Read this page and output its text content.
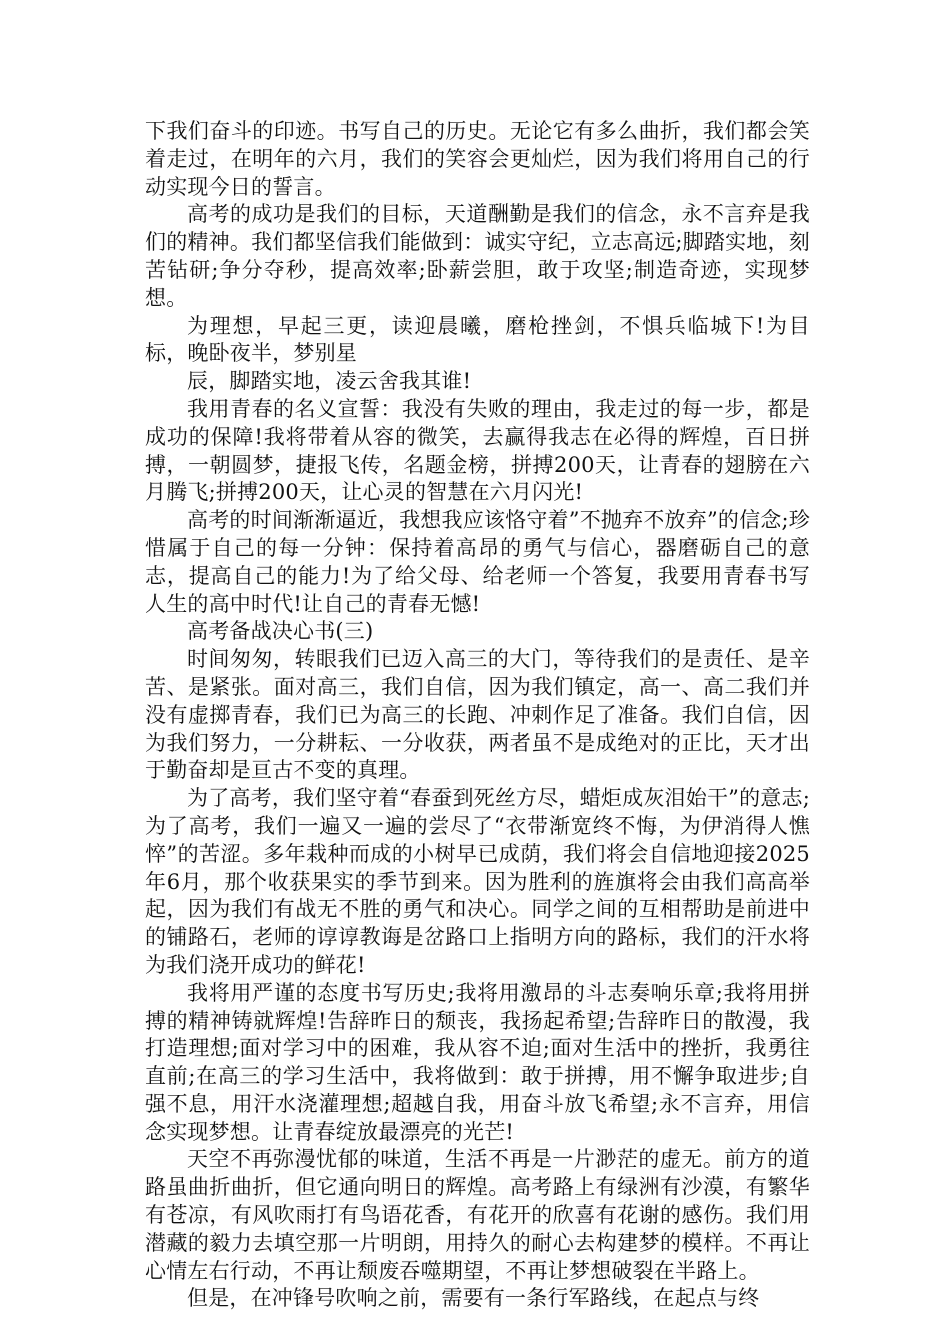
下我们奋斗的印迹。书写自己的历史。无论它有多么曲折，我们都会笑着走过，在明年的六月，我们的笑容会更灿烂，因为我们将用自己的行动实现今日的誓言。

高考的成功是我们的目标，天道酬勤是我们的信念，永不言弃是我们的精神。我们都坚信我们能做到：诚实守纪，立志高远;脚踏实地，刻苦钻研;争分夺秒，提高效率;卧薪尝胆，敢于攻坚;制造奇迹，实现梦想。

为理想，早起三更，读迎晨曦，磨枪挫剑，不惧兵临城下!为目标，晚卧夜半，梦别星

辰，脚踏实地，凌云舍我其谁!

我用青春的名义宣誓：我没有失败的理由，我走过的每一步，都是成功的保障!我将带着从容的微笑，去赢得我志在必得的辉煌，百日拼搏，一朝圆梦，捷报飞传，名题金榜，拼搏200天，让青春的翅膀在六月腾飞;拼搏200天，让心灵的智慧在六月闪光!

高考的时间渐渐逼近，我想我应该恪守着”不抛弃不放弃”的信念;珍惜属于自己的每一分钟：保持着高昂的勇气与信心，器磨砺自己的意志，提高自己的能力!为了给父母、给老师一个答复，我要用青春书写人生的高中时代!让自己的青春无憾!

高考备战决心书(三)

时间匆匆，转眼我们已迈入高三的大门，等待我们的是责任、是辛苦、是紧张。面对高三，我们自信，因为我们镇定，高一、高二我们并没有虚掷青春，我们已为高三的长跑、冲刺作足了准备。我们自信，因为我们努力，一分耕耘、一分收获，两者虽不是成绝对的正比，天才出于勤奋却是亘古不变的真理。

为了高考，我们坚守着“春蚕到死丝方尽，蜡炬成灰泪始干”的意志;为了高考，我们一遍又一遍的尝尽了“衣带渐宽终不悔，为伊消得人憔悴”的苦涩。多年栽种而成的小树早已成荫，我们将会自信地迎接2025年6月，那个收获果实的季节到来。因为胜利的旌旗将会由我们高高举起，因为我们有战无不胜的勇气和决心。同学之间的互相帮助是前进中的铺路石，老师的谆谆教诲是岔路口上指明方向的路标，我们的汗水将为我们浇开成功的鲜花!

我将用严谨的态度书写历史;我将用激昂的斗志奏响乐章;我将用拼搏的精神铸就辉煌!告辞昨日的颓丧，我扬起希望;告辞昨日的散漫，我打造理想;面对学习中的困难，我从容不迫;面对生活中的挫折，我勇往直前;在高三的学习生活中，我将做到：敢于拼搏，用不懈争取进步;自强不息，用汗水浇灌理想;超越自我，用奋斗放飞希望;永不言弃，用信念实现梦想。让青春绽放最漂亮的光芒!

天空不再弥漫忧郁的味道，生活不再是一片渺茫的虚无。前方的道路虽曲折曲折，但它通向明日的辉煌。高考路上有绿洲有沙漠，有繁华有苍凉，有风吹雨打有鸟语花香，有花开的欣喜有花谢的感伤。我们用潜藏的毅力去填空那一片明朗，用持久的耐心去构建梦的模样。不再让心情左右行动，不再让颓废吞噬期望，不再让梦想破裂在半路上。

但是，在冲锋号吹响之前，需要有一条行军路线，在起点与终
